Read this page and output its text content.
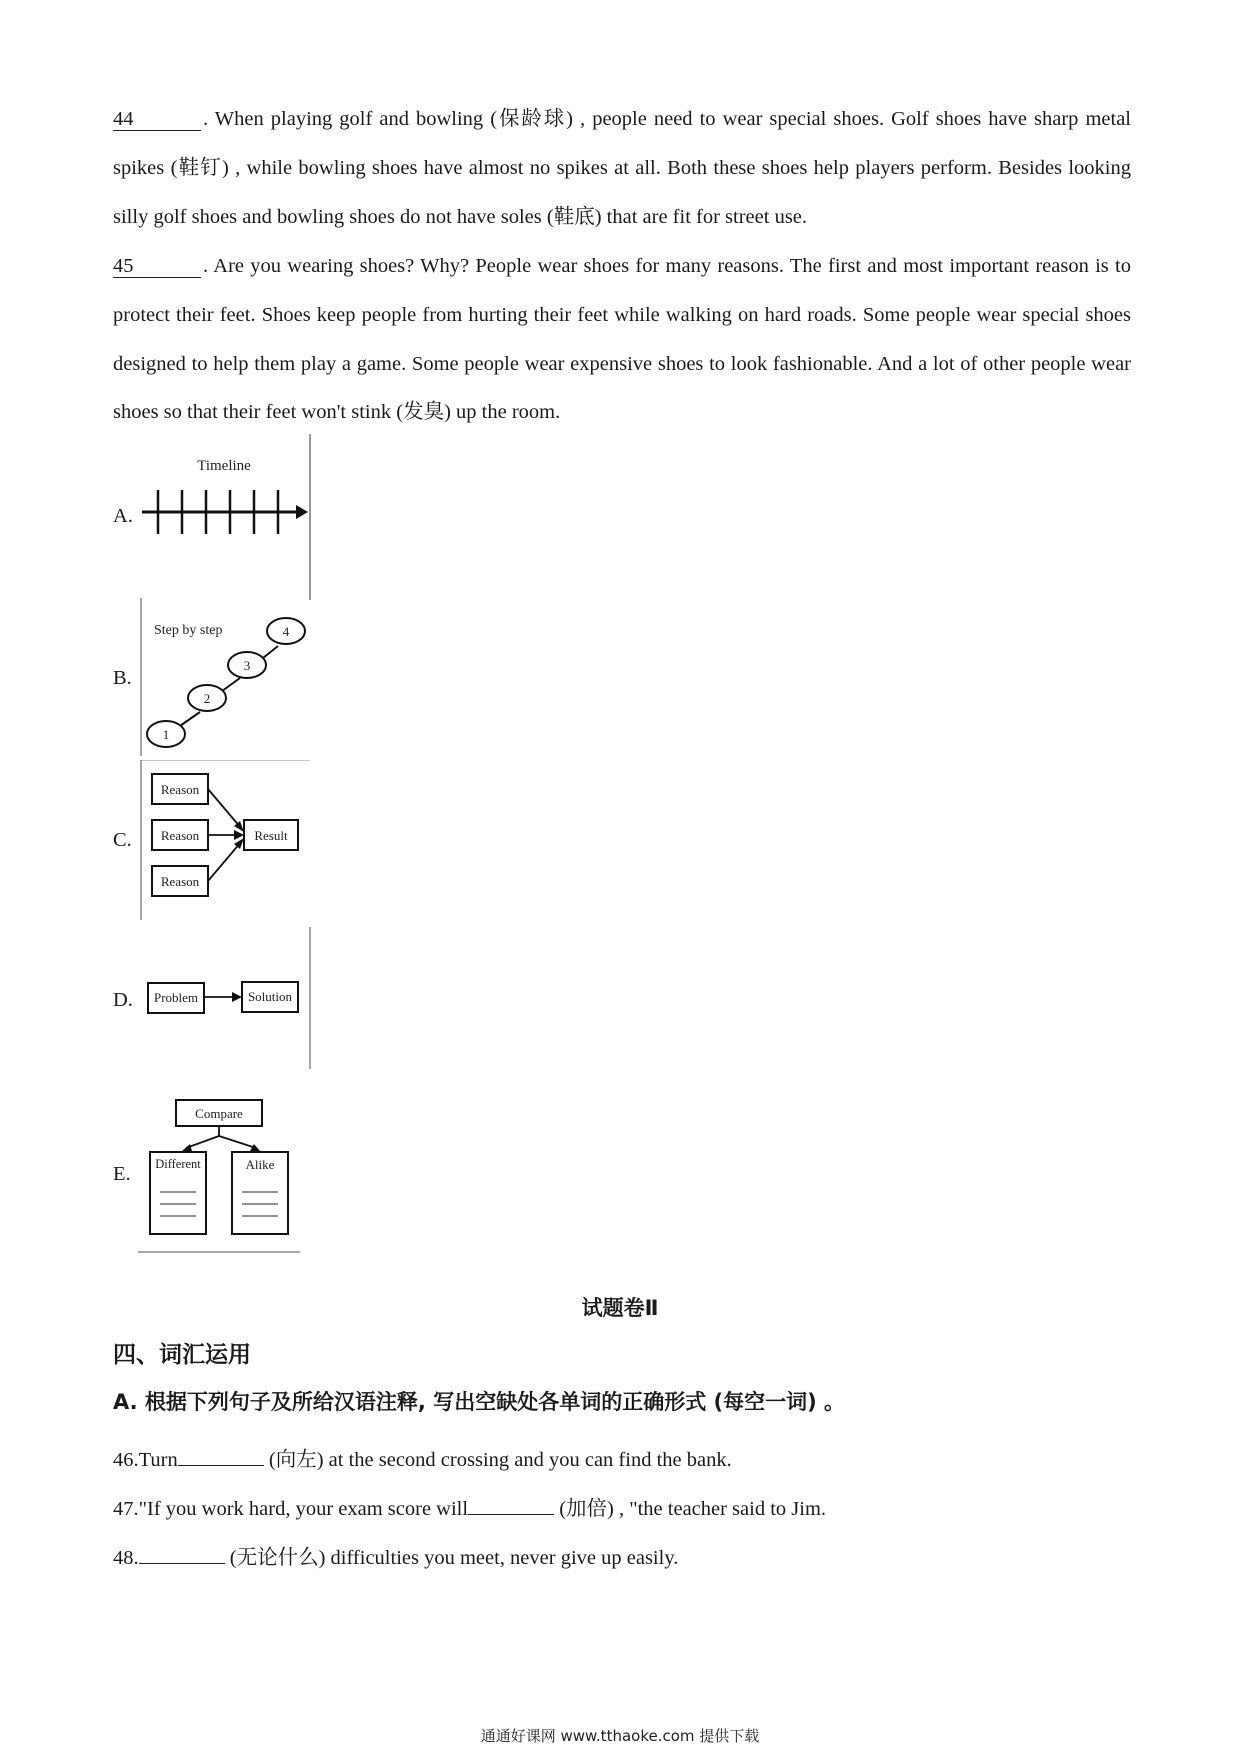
44	. When playing golf and bowling (保龄球) , people need to wear special shoes. Golf shoes have sharp metal spikes (鞋钉) , while bowling shoes have almost no spikes at all. Both these shoes help players perform. Besides looking silly golf shoes and bowling shoes do not have soles (鞋底) that are fit for street use.
45	. Are you wearing shoes? Why? People wear shoes for many reasons. The first and most important reason is to protect their feet. Shoes keep people from hurting their feet while walking on hard roads. Some people wear special shoes designed to help them play a game. Some people wear expensive shoes to look fashionable. And a lot of other people wear shoes so that their feet won't stink (发臭) up the room.
A.
Timeline
B.
Step by step
1
2
3
4
C.
Reason
Reason
Reason
Result
D. Problem	Solution
E.
Compare
Different	Alike
试题卷Ⅱ
四、词汇运用
A. 根据下列句子及所给汉语注释, 写出空缺处各单词的正确形式 (每空一词) 。
46.Turn	(向左) at the second crossing and you can find the bank.
47."If you work hard, your exam score will	(加倍) , "the teacher said to Jim.
48.	(无论什么) difficulties you meet, never give up easily.
通通好课网 www.tthaoke.com 提供下载
